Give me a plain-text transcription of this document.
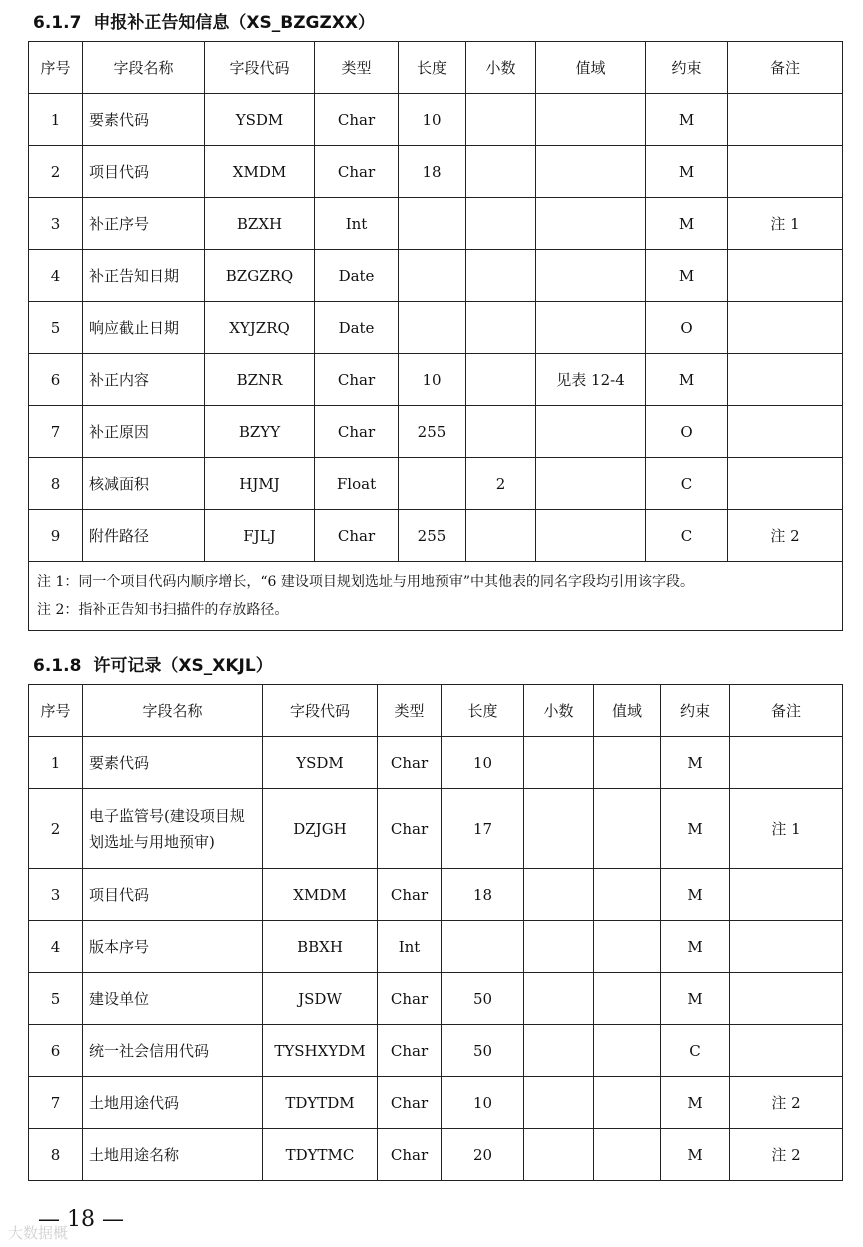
6.1.7 申报补正告知信息（XS_BZGZXX）
序号	字段名称	字段代码	类型	长度	小数	值域	约束	备注
1	要素代码	YSDM	Char	10			M	
2	项目代码	XMDM	Char	18			M	
3	补正序号	BZXH	Int				M	注 1
4	补正告知日期	BZGZRQ	Date				M	
5	响应截止日期	XYJZRQ	Date				O	
6	补正内容	BZNR	Char	10		见表 12-4	M	
7	补正原因	BZYY	Char	255			O	
8	核减面积	HJMJ	Float		2		C	
9	附件路径	FJLJ	Char	255			C	注 2

注 1：同一个项目代码内顺序增长，“6 建设项目规划选址与用地预审”中其他表的同名字段均引用该字段。
注 2：指补正告知书扫描件的存放路径。								
6.1.8 许可记录（XS_XKJL）
序号	字段名称	字段代码	类型	长度	小数	值域	约束	备注
1	要素代码	YSDM	Char	10			M	
2	电子监管号(建设项目规划选址与用地预审)	DZJGH	Char	17			M	注 1
3	项目代码	XMDM	Char	18			M	
4	版本序号	BBXH	Int				M	
5	建设单位	JSDW	Char	50			M	
6	统一社会信用代码	TYSHXYDM	Char	50			C	
7	土地用途代码	TDYTDM	Char	10			M	注 2
8	土地用途名称	TDYTMC	Char	20			M	注 2
— 18 —
大数据概
